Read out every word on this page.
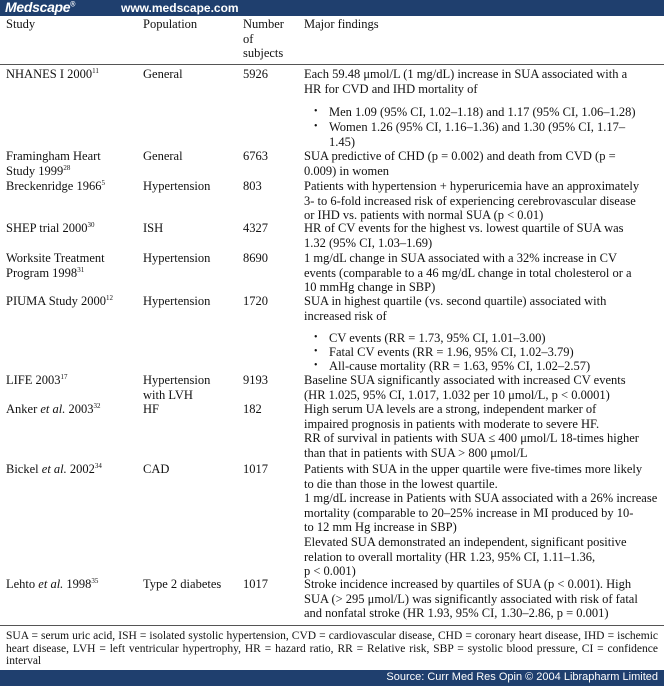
Medscape®	www.medscape.com
Study	Population	Number
of
subjects
Major findings
NHANES I 2000$^{11}$	General	5926	Each 59.48 μmol/L (1 mg/dL) increase in SUA associated with a
HR for CVD and IHD mortality of
• Men 1.09 (95% CI, 1.02–1.18) and 1.17 (95% CI, 1.06–1.28)
• Women 1.26 (95% CI, 1.16–1.36) and 1.30 (95% CI, 1.17–
1.45)
Framingham Heart
Study 1999$^{28}$
General	6763	SUA predictive of CHD (p = 0.002) and death from CVD (p =
0.009) in women
Breckenridge 1966$^5$	Hypertension	803	Patients with hypertension + hyperuricemia have an approximately
3- to 6-fold increased risk of experiencing cerebrovascular disease
or IHD vs. patients with normal SUA (p < 0.01)
SHEP trial 2000$^{30}$	ISH	4327	HR of CV events for the highest vs. lowest quartile of SUA was
1.32 (95% CI, 1.03–1.69)
Worksite Treatment
Program 1998$^{31}$
Hypertension	8690	1 mg/dL change in SUA associated with a 32% increase in CV
events (comparable to a 46 mg/dL change in total cholesterol or a
10 mmHg change in SBP)
PIUMA Study 2000$^{12}$ Hypertension	1720	SUA in highest quartile (vs. second quartile) associated with
increased risk of
• CV events (RR = 1.73, 95% CI, 1.01–3.00)
• Fatal CV events (RR = 1.96, 95% CI, 1.02–3.79)
• All-cause mortality (RR = 1.63, 95% CI, 1.02–2.57)
LIFE 2003$^{17}$	Hypertension
with LVH
9193	Baseline SUA significantly associated with increased CV events
(HR 1.025, 95% CI, 1.017, 1.032 per 10 μmol/L, p < 0.0001)
Anker et al. 2003$^{32}$	HF	182	High serum UA levels are a strong, independent marker of
impaired prognosis in patients with moderate to severe HF.
RR of survival in patients with SUA ≤ 400 μmol/L 18-times higher
than that in patients with SUA > 800 μmol/L
Bickel et al. 2002$^{34}$	CAD	1017	Patients with SUA in the upper quartile were five-times more likely
to die than those in the lowest quartile.
1 mg/dL increase in Patients with SUA associated with a 26% increase
mortality (comparable to 20–25% increase in MI produced by 10-
to 12 mm Hg increase in SBP)
Elevated SUA demonstrated an independent, significant positive
relation to overall mortality (HR 1.23, 95% CI, 1.11–1.36,
p < 0.001)
Lehto et al. 1998$^{35}$	Type 2 diabetes 1017	Stroke incidence increased by quartiles of SUA (p < 0.001). High
SUA (> 295 μmol/L) was significantly associated with risk of fatal
and nonfatal stroke (HR 1.93, 95% CI, 1.30–2.86, p = 0.001)
SUA = serum uric acid, ISH = isolated systolic hypertension, CVD = cardiovascular disease, CHD = coronary heart disease, IHD = ischemic heart disease, LVH = left ventricular hypertrophy, HR = hazard ratio, RR = Relative risk, SBP = systolic blood pressure, CI = confidence interval
Source: Curr Med Res Opin © 2004 Librapharm Limited
